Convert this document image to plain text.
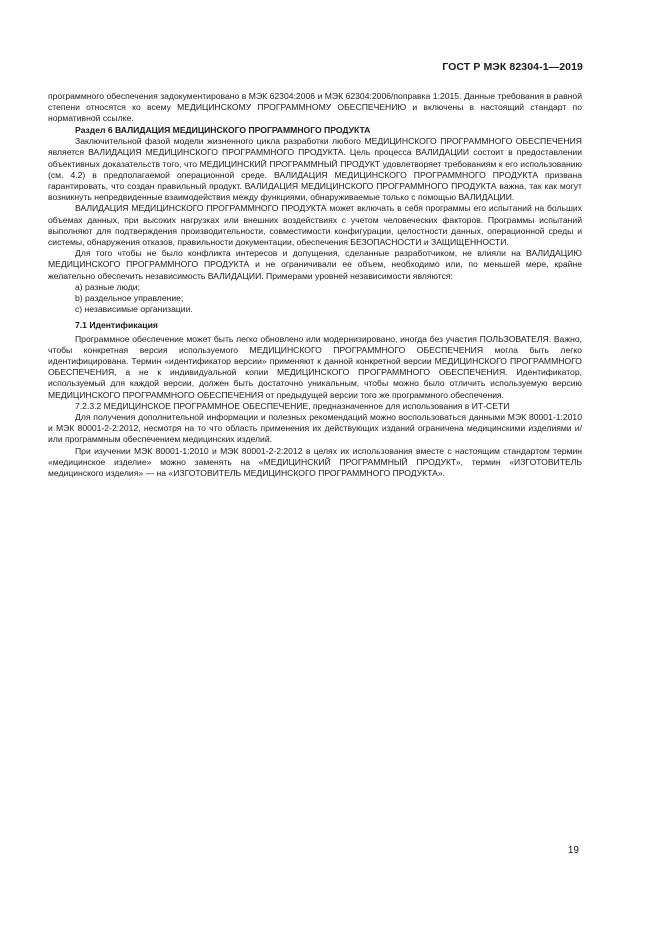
ГОСТ Р МЭК 82304-1—2019

программного обеспечения задокументировано в МЭК 62304:2006 и МЭК 62304:2006/поправка 1:2015. Данные требования в равной степени относятся ко всему МЕДИЦИНСКОМУ ПРОГРАММНОМУ ОБЕСПЕЧЕНИЮ и включены в настоящий стандарт по нормативной ссылке.

Раздел 6 ВАЛИДАЦИЯ МЕДИЦИНСКОГО ПРОГРАММНОГО ПРОДУКТА

Заключительной фазой модели жизненного цикла разработки любого МЕДИЦИНСКОГО ПРОГРАММНОГО ОБЕСПЕЧЕНИЯ является ВАЛИДАЦИЯ МЕДИЦИНСКОГО ПРОГРАММНОГО ПРОДУКТА. Цель процесса ВАЛИДАЦИИ состоит в предоставлении объективных доказательств того, что МЕДИЦИНСКИЙ ПРОГРАММНЫЙ ПРОДУКТ удовлетворяет требованиям к его использованию (см. 4.2) в предполагаемой операционной среде. ВАЛИДАЦИЯ МЕДИЦИНСКОГО ПРОГРАММНОГО ПРОДУКТА призвана гарантировать, что создан правильный продукт. ВАЛИДАЦИЯ МЕДИЦИНСКОГО ПРОГРАММНОГО ПРОДУКТА важна, так как могут возникнуть непредвиденные взаимодействия между функциями, обнаруживаемые только с помощью ВАЛИДАЦИИ.

ВАЛИДАЦИЯ МЕДИЦИНСКОГО ПРОГРАММНОГО ПРОДУКТА может включать в себя программы его испытаний на больших объемах данных, при высоких нагрузках или внешних воздействиях с учетом человеческих факторов. Программы испытаний выполняют для подтверждения производительности, совместимости конфигурации, целостности данных, операционной среды и системы, обнаружения отказов, правильности документации, обеспечения БЕЗОПАСНОСТИ и ЗАЩИЩЕННОСТИ.

Для того чтобы не было конфликта интересов и допущения, сделанные разработчиком, не влияли на ВАЛИДАЦИЮ МЕДИЦИНСКОГО ПРОГРАММНОГО ПРОДУКТА и не ограничивали ее объем, необходимо или, по меньшей мере, крайне желательно обеспечить независимость ВАЛИДАЦИИ. Примерами уровней независимости являются:

a) разные люди;
b) раздельное управление;
c) независимые организации.
7.1 Идентификация

Программное обеспечение может быть легко обновлено или модернизировано, иногда без участия ПОЛЬЗОВАТЕЛЯ. Важно, чтобы конкретная версия используемого МЕДИЦИНСКОГО ПРОГРАММНОГО ОБЕСПЕЧЕНИЯ могла быть легко идентифицирована. Термин «идентификатор версии» применяют к данной конкретной версии МЕДИЦИНСКОГО ПРОГРАММНОГО ОБЕСПЕЧЕНИЯ, а не к индивидуальной копии МЕДИЦИНСКОГО ПРОГРАММНОГО ОБЕСПЕЧЕНИЯ. Идентификатор, используемый для каждой версии, должен быть достаточно уникальным, чтобы можно было отличить используемую версию МЕДИЦИНСКОГО ПРОГРАММНОГО ОБЕСПЕЧЕНИЯ от предыдущей версии того же программного обеспечения.

7.2.3.2 МЕДИЦИНСКОЕ ПРОГРАММНОЕ ОБЕСПЕЧЕНИЕ, предназначенное для использования в ИТ-СЕТИ

Для получения дополнительной информации и полезных рекомендаций можно воспользоваться данными МЭК 80001-1:2010 и МЭК 80001-2-2:2012, несмотря на то что область применения их действующих изданий ограничена медицинскими изделиями и/или программным обеспечением медицинских изделий.

При изучении МЭК 80001-1:2010 и МЭК 80001-2-2:2012 в целях их использования вместе с настоящим стандартом термин «медицинское изделие» можно заменять на «МЕДИЦИНСКИЙ ПРОГРАММНЫЙ ПРОДУКТ», термин «ИЗГОТОВИТЕЛЬ медицинского изделия» — на «ИЗГОТОВИТЕЛЬ МЕДИЦИНСКОГО ПРОГРАММНОГО ПРОДУКТА».

19
